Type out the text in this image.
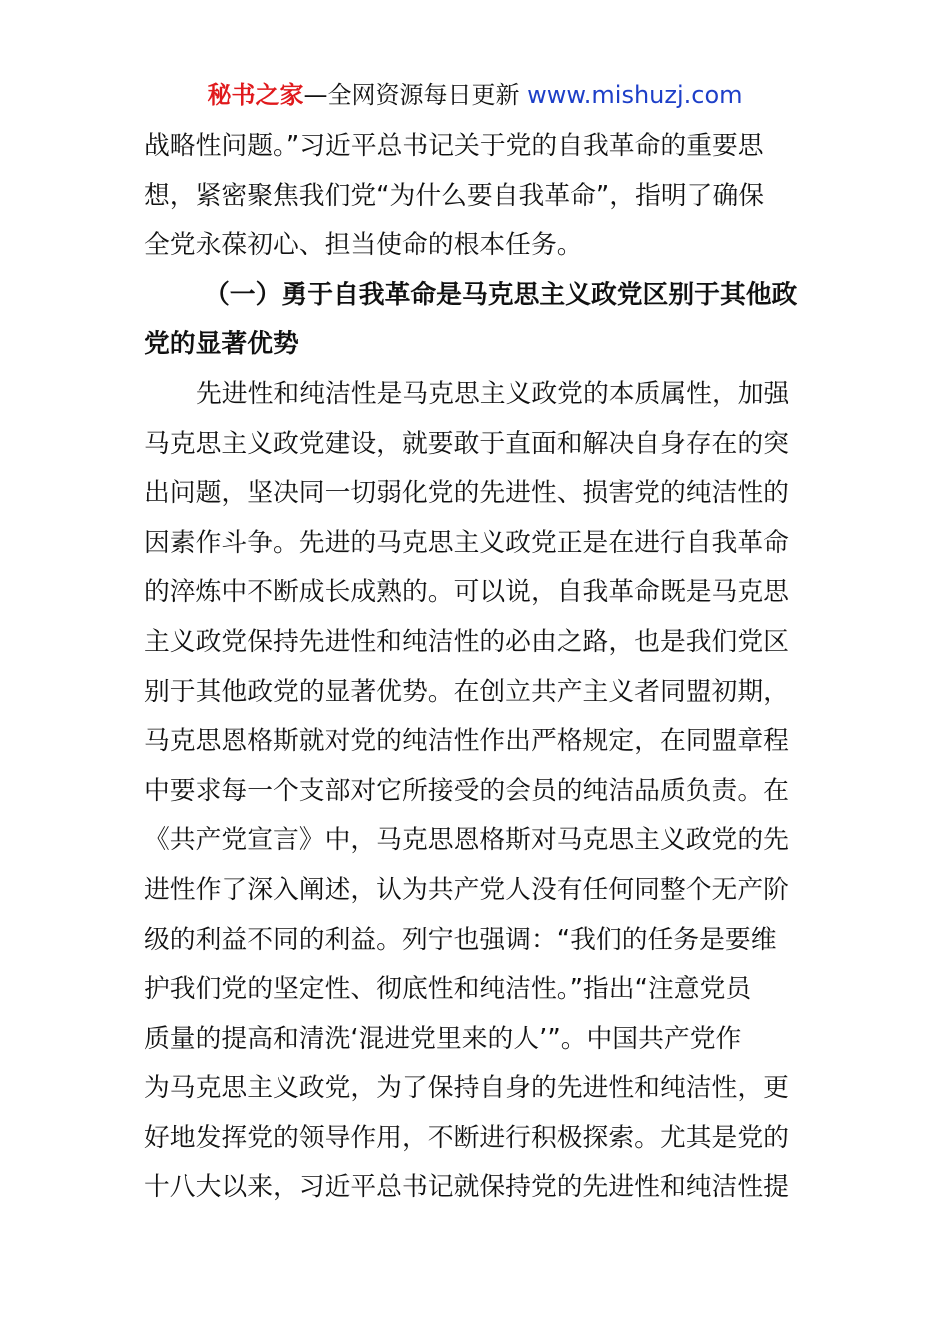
秘书之家—全网资源每日更新 www.mishuzj.com
战略性问题。”习近平总书记关于党的自我革命的重要思
想，紧密聚焦我们党“为什么要自我革命”，指明了确保
全党永葆初心、担当使命的根本任务。
（一）勇于自我革命是马克思主义政党区别于其他政
党的显著优势
先进性和纯洁性是马克思主义政党的本质属性，加强
马克思主义政党建设，就要敢于直面和解决自身存在的突
出问题，坚决同一切弱化党的先进性、损害党的纯洁性的
因素作斗争。先进的马克思主义政党正是在进行自我革命
的淬炼中不断成长成熟的。可以说，自我革命既是马克思
主义政党保持先进性和纯洁性的必由之路，也是我们党区
别于其他政党的显著优势。在创立共产主义者同盟初期，
马克思恩格斯就对党的纯洁性作出严格规定，在同盟章程
中要求每一个支部对它所接受的会员的纯洁品质负责。在
《共产党宣言》中，马克思恩格斯对马克思主义政党的先
进性作了深入阐述，认为共产党人没有任何同整个无产阶
级的利益不同的利益。列宁也强调：“我们的任务是要维
护我们党的坚定性、彻底性和纯洁性。”指出“注意党员
质量的提高和清洗‘混进党里来的人’”。中国共产党作
为马克思主义政党，为了保持自身的先进性和纯洁性，更
好地发挥党的领导作用，不断进行积极探索。尤其是党的
十八大以来，习近平总书记就保持党的先进性和纯洁性提
